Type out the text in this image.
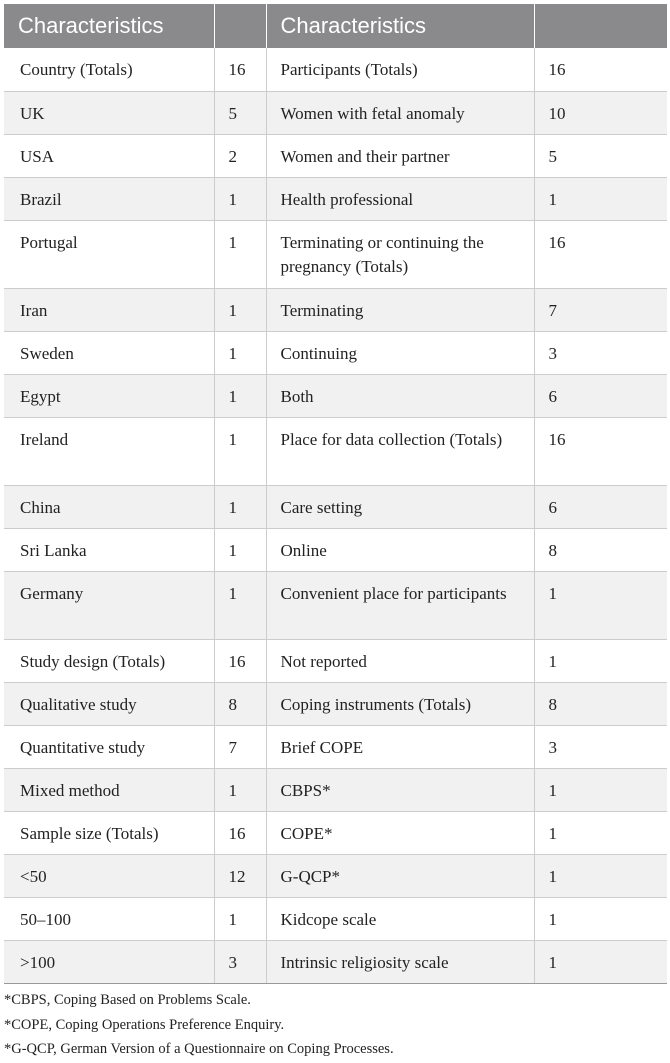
Characteristics		Characteristics	
Country (Totals)	16	Participants (Totals)	16
UK	5	Women with fetal anomaly	10
USA	2	Women and their partner	5
Brazil	1	Health professional	1
Portugal	1	Terminating or continuing the pregnancy (Totals)	16
Iran	1	Terminating	7
Sweden	1	Continuing	3
Egypt	1	Both	6
Ireland	1	Place for data collection (Totals)	16
China	1	Care setting	6
Sri Lanka	1	Online	8
Germany	1	Convenient place for participants	1
Study design (Totals)	16	Not reported	1
Qualitative study	8	Coping instruments (Totals)	8
Quantitative study	7	Brief COPE	3
Mixed method	1	CBPS*	1
Sample size (Totals)	16	COPE*	1
<50	12	G-QCP*	1
50–100	1	Kidcope scale	1
>100	3	Intrinsic religiosity scale	1

*CBPS, Coping Based on Problems Scale.

*COPE, Coping Operations Preference Enquiry.

*G-QCP, German Version of a Questionnaire on Coping Processes.
